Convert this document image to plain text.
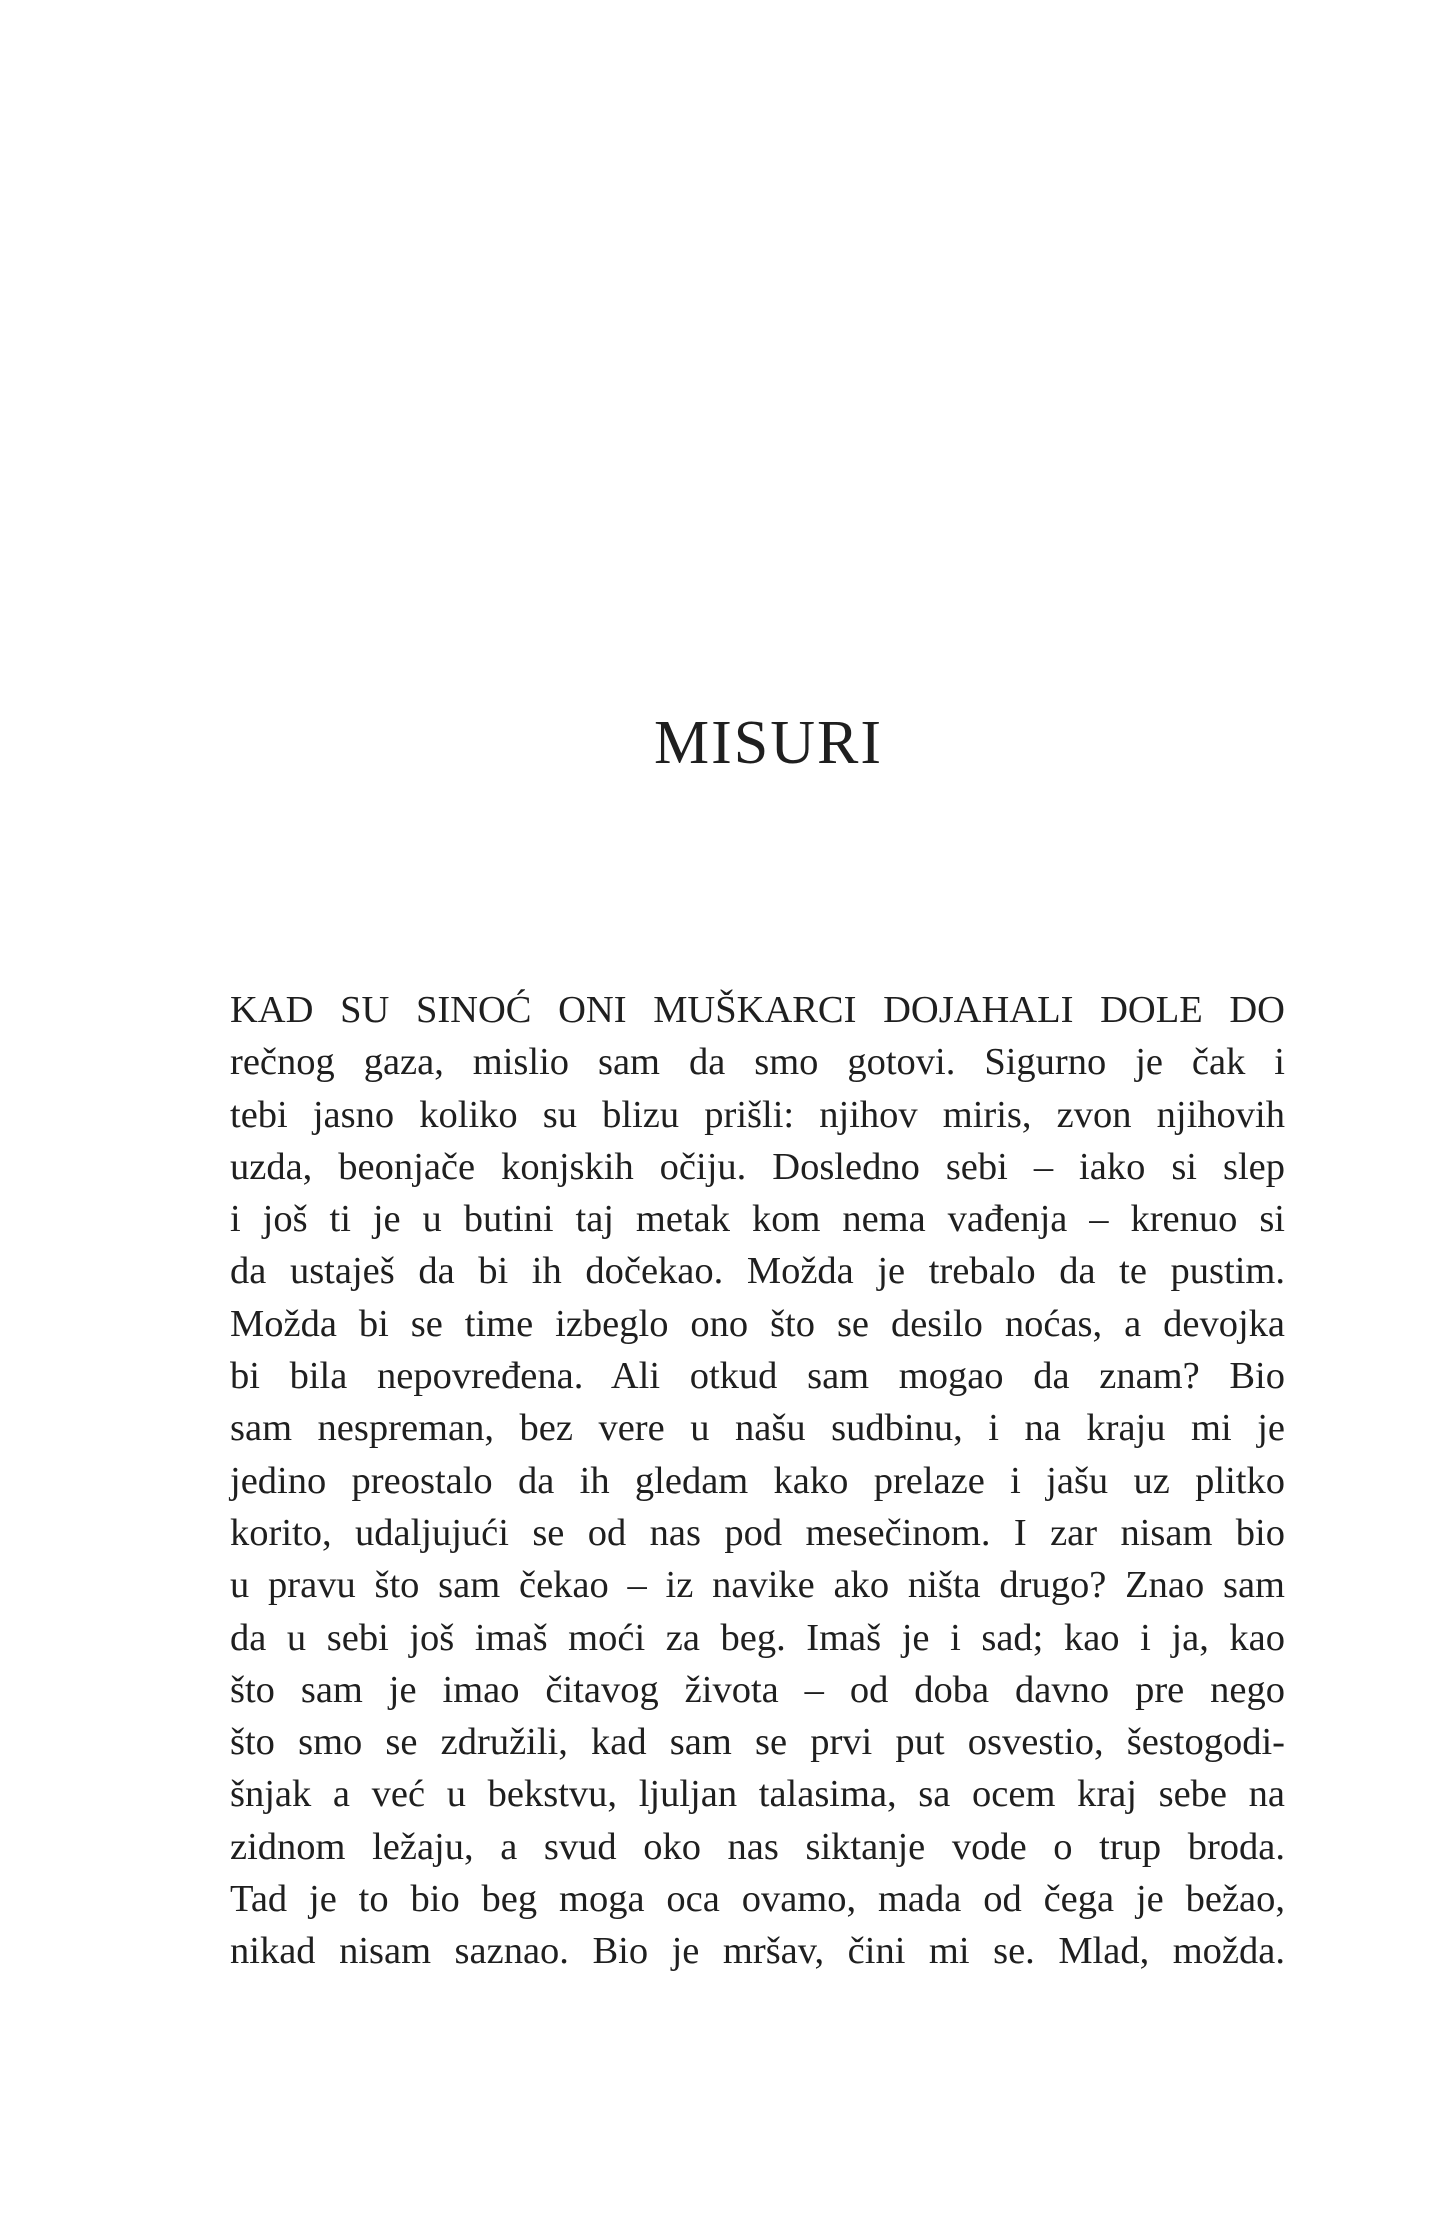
MISURI
KAD SU SINOĆ ONI MUŠKARCI DOJAHALI DOLE DO
rečnog gaza, mislio sam da smo gotovi. Sigurno je čak i
tebi jasno koliko su blizu prišli: njihov miris, zvon njihovih
uzda, beonjače konjskih očiju. Dosledno sebi – iako si slep
i još ti je u butini taj metak kom nema vađenja – krenuo si
da ustaješ da bi ih dočekao. Možda je trebalo da te pustim.
Možda bi se time izbeglo ono što se desilo noćas, a devojka
bi bila nepovređena. Ali otkud sam mogao da znam? Bio
sam nespreman, bez vere u našu sudbinu, i na kraju mi je
jedino preostalo da ih gledam kako prelaze i jašu uz plitko
korito, udaljujući se od nas pod mesečinom. I zar nisam bio
u pravu što sam čekao – iz navike ako ništa drugo? Znao sam
da u sebi još imaš moći za beg. Imaš je i sad; kao i ja, kao
što sam je imao čitavog života – od doba davno pre nego
što smo se združili, kad sam se prvi put osvestio, šestogodi-
šnjak a već u bekstvu, ljuljan talasima, sa ocem kraj sebe na
zidnom ležaju, a svud oko nas siktanje vode o trup broda.
Tad je to bio beg moga oca ovamo, mada od čega je bežao,
nikad nisam saznao. Bio je mršav, čini mi se. Mlad, možda.
